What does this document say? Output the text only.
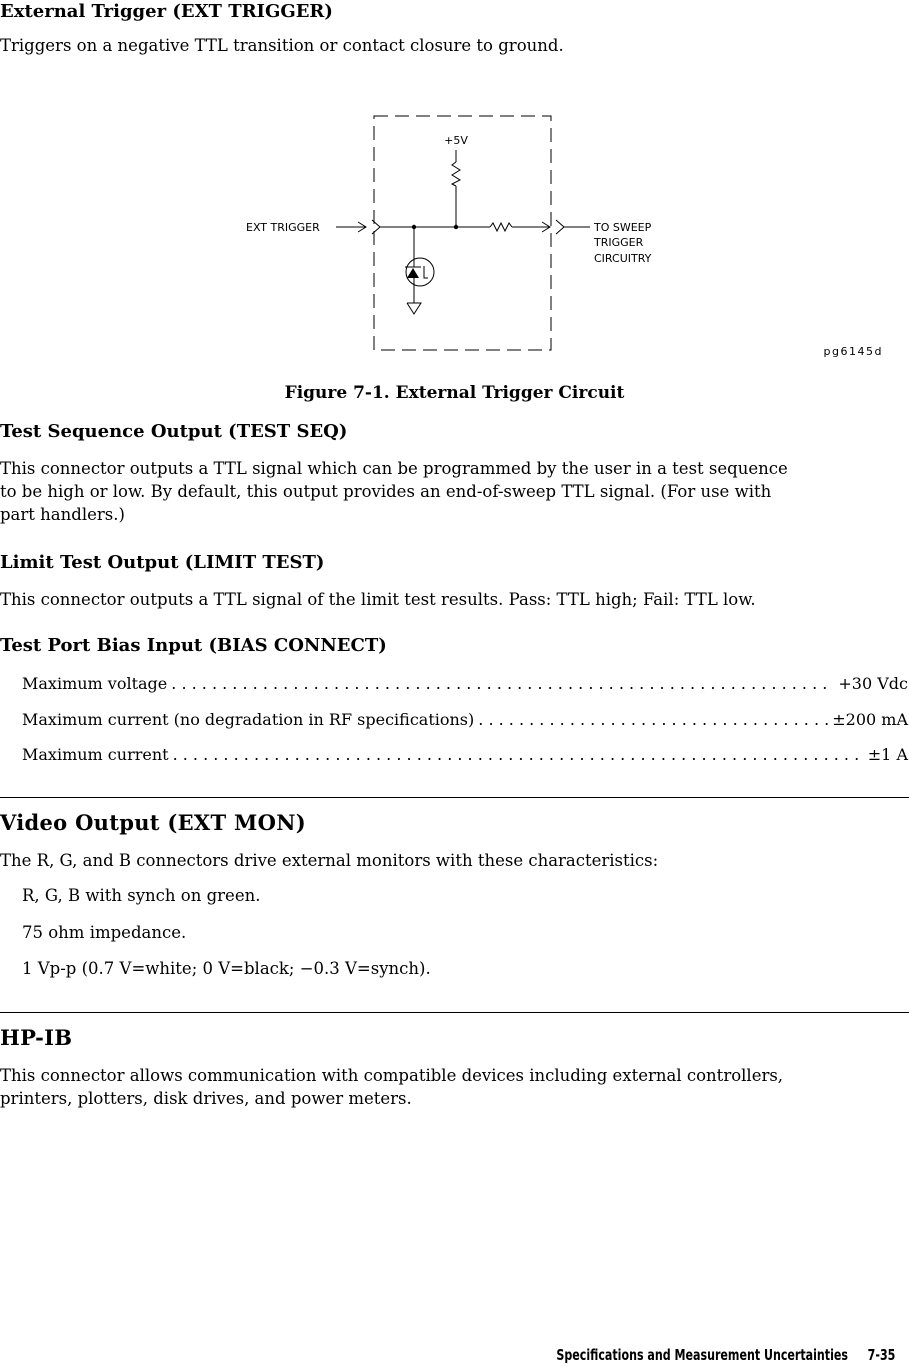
External Trigger (EXT TRIGGER)

Triggers on a negative TTL transition or contact closure to ground.

+5V
EXT TRIGGER	TO SWEEP
TRIGGER
CIRCUITRY
pg6145d
Figure 7-1. External Trigger Circuit
Test Sequence Output (TEST SEQ)

This connector outputs a TTL signal which can be programmed by the user in a test sequence

to be high or low. By default, this output provides an end-of-sweep TTL signal. (For use with

part handlers.)

Limit Test Output (LIMIT TEST)

This connector outputs a TTL signal of the limit test results. Pass: TTL high; Fail: TTL low.

Test Port Bias Input (BIAS CONNECT)
Maximum voltage . . .	+30 Vdc
Maximum current (no degradation in RF specifications) . . .	±200 mA
Maximum current . . .	±1 A
Video Output (EXT MON)

The R, G, and B connectors drive external monitors with these characteristics:

R, G, B with synch on green.
75 ohm impedance.
1 Vp-p (0.7 V=white; 0 V=black; −0.3 V=synch).
HP-IB

This connector allows communication with compatible devices including external controllers,

printers, plotters, disk drives, and power meters.

Specifications and Measurement Uncertainties 7-35
